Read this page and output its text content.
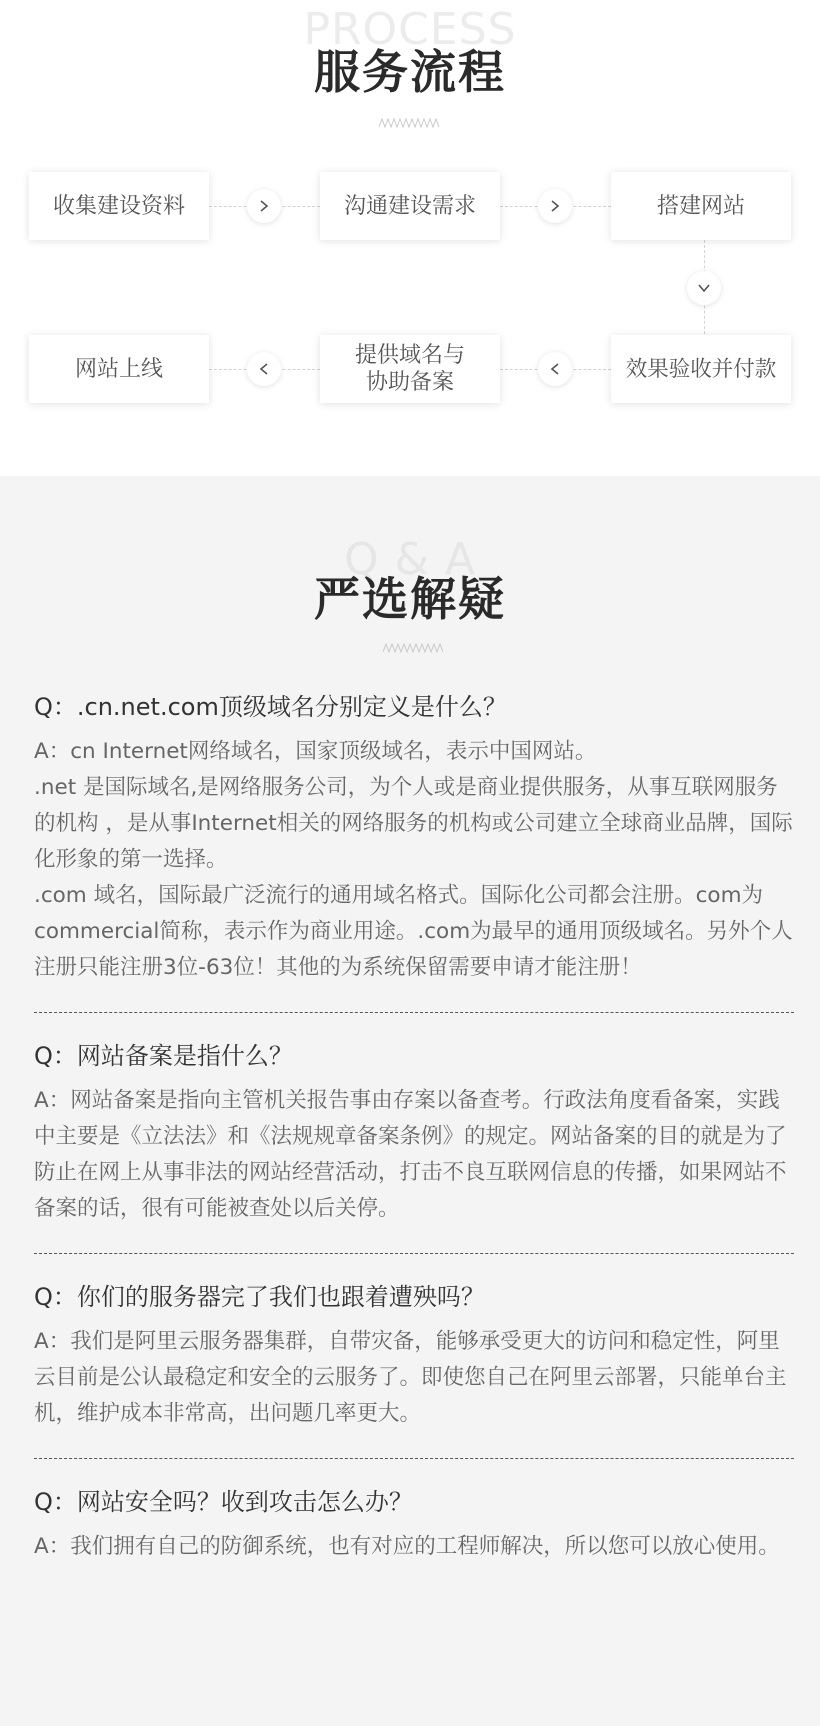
PROCESS
服务流程
收集建设资料	沟通建设需求	搭建网站
效果验收并付款
提供域名与
协助备案
网站上线
Q & A
严选解疑
Q：.cn.net.com顶级域名分别定义是什么？

A：cn Internet网络域名，国家顶级域名，表示中国网站。

.net 是国际域名,是网络服务公司，为个人或是商业提供服务，从事互联网服务的机构 ，是从事Internet相关的网络服务的机构或公司建立全球商业品牌，国际化形象的第一选择。

.com 域名，国际最广泛流行的通用域名格式。国际化公司都会注册。com为commercial简称，表示作为商业用途。.com为最早的通用顶级域名。另外个人注册只能注册3位-63位！其他的为系统保留需要申请才能注册！

Q：网站备案是指什么？

A：网站备案是指向主管机关报告事由存案以备查考。行政法角度看备案，实践中主要是《立法法》和《法规规章备案条例》的规定。网站备案的目的就是为了防止在网上从事非法的网站经营活动，打击不良互联网信息的传播，如果网站不备案的话，很有可能被查处以后关停。

Q：你们的服务器完了我们也跟着遭殃吗？

A：我们是阿里云服务器集群，自带灾备，能够承受更大的访问和稳定性，阿里云目前是公认最稳定和安全的云服务了。即使您自己在阿里云部署，只能单台主机，维护成本非常高，出问题几率更大。

Q：网站安全吗？收到攻击怎么办？

A：我们拥有自己的防御系统，也有对应的工程师解决，所以您可以放心使用。
